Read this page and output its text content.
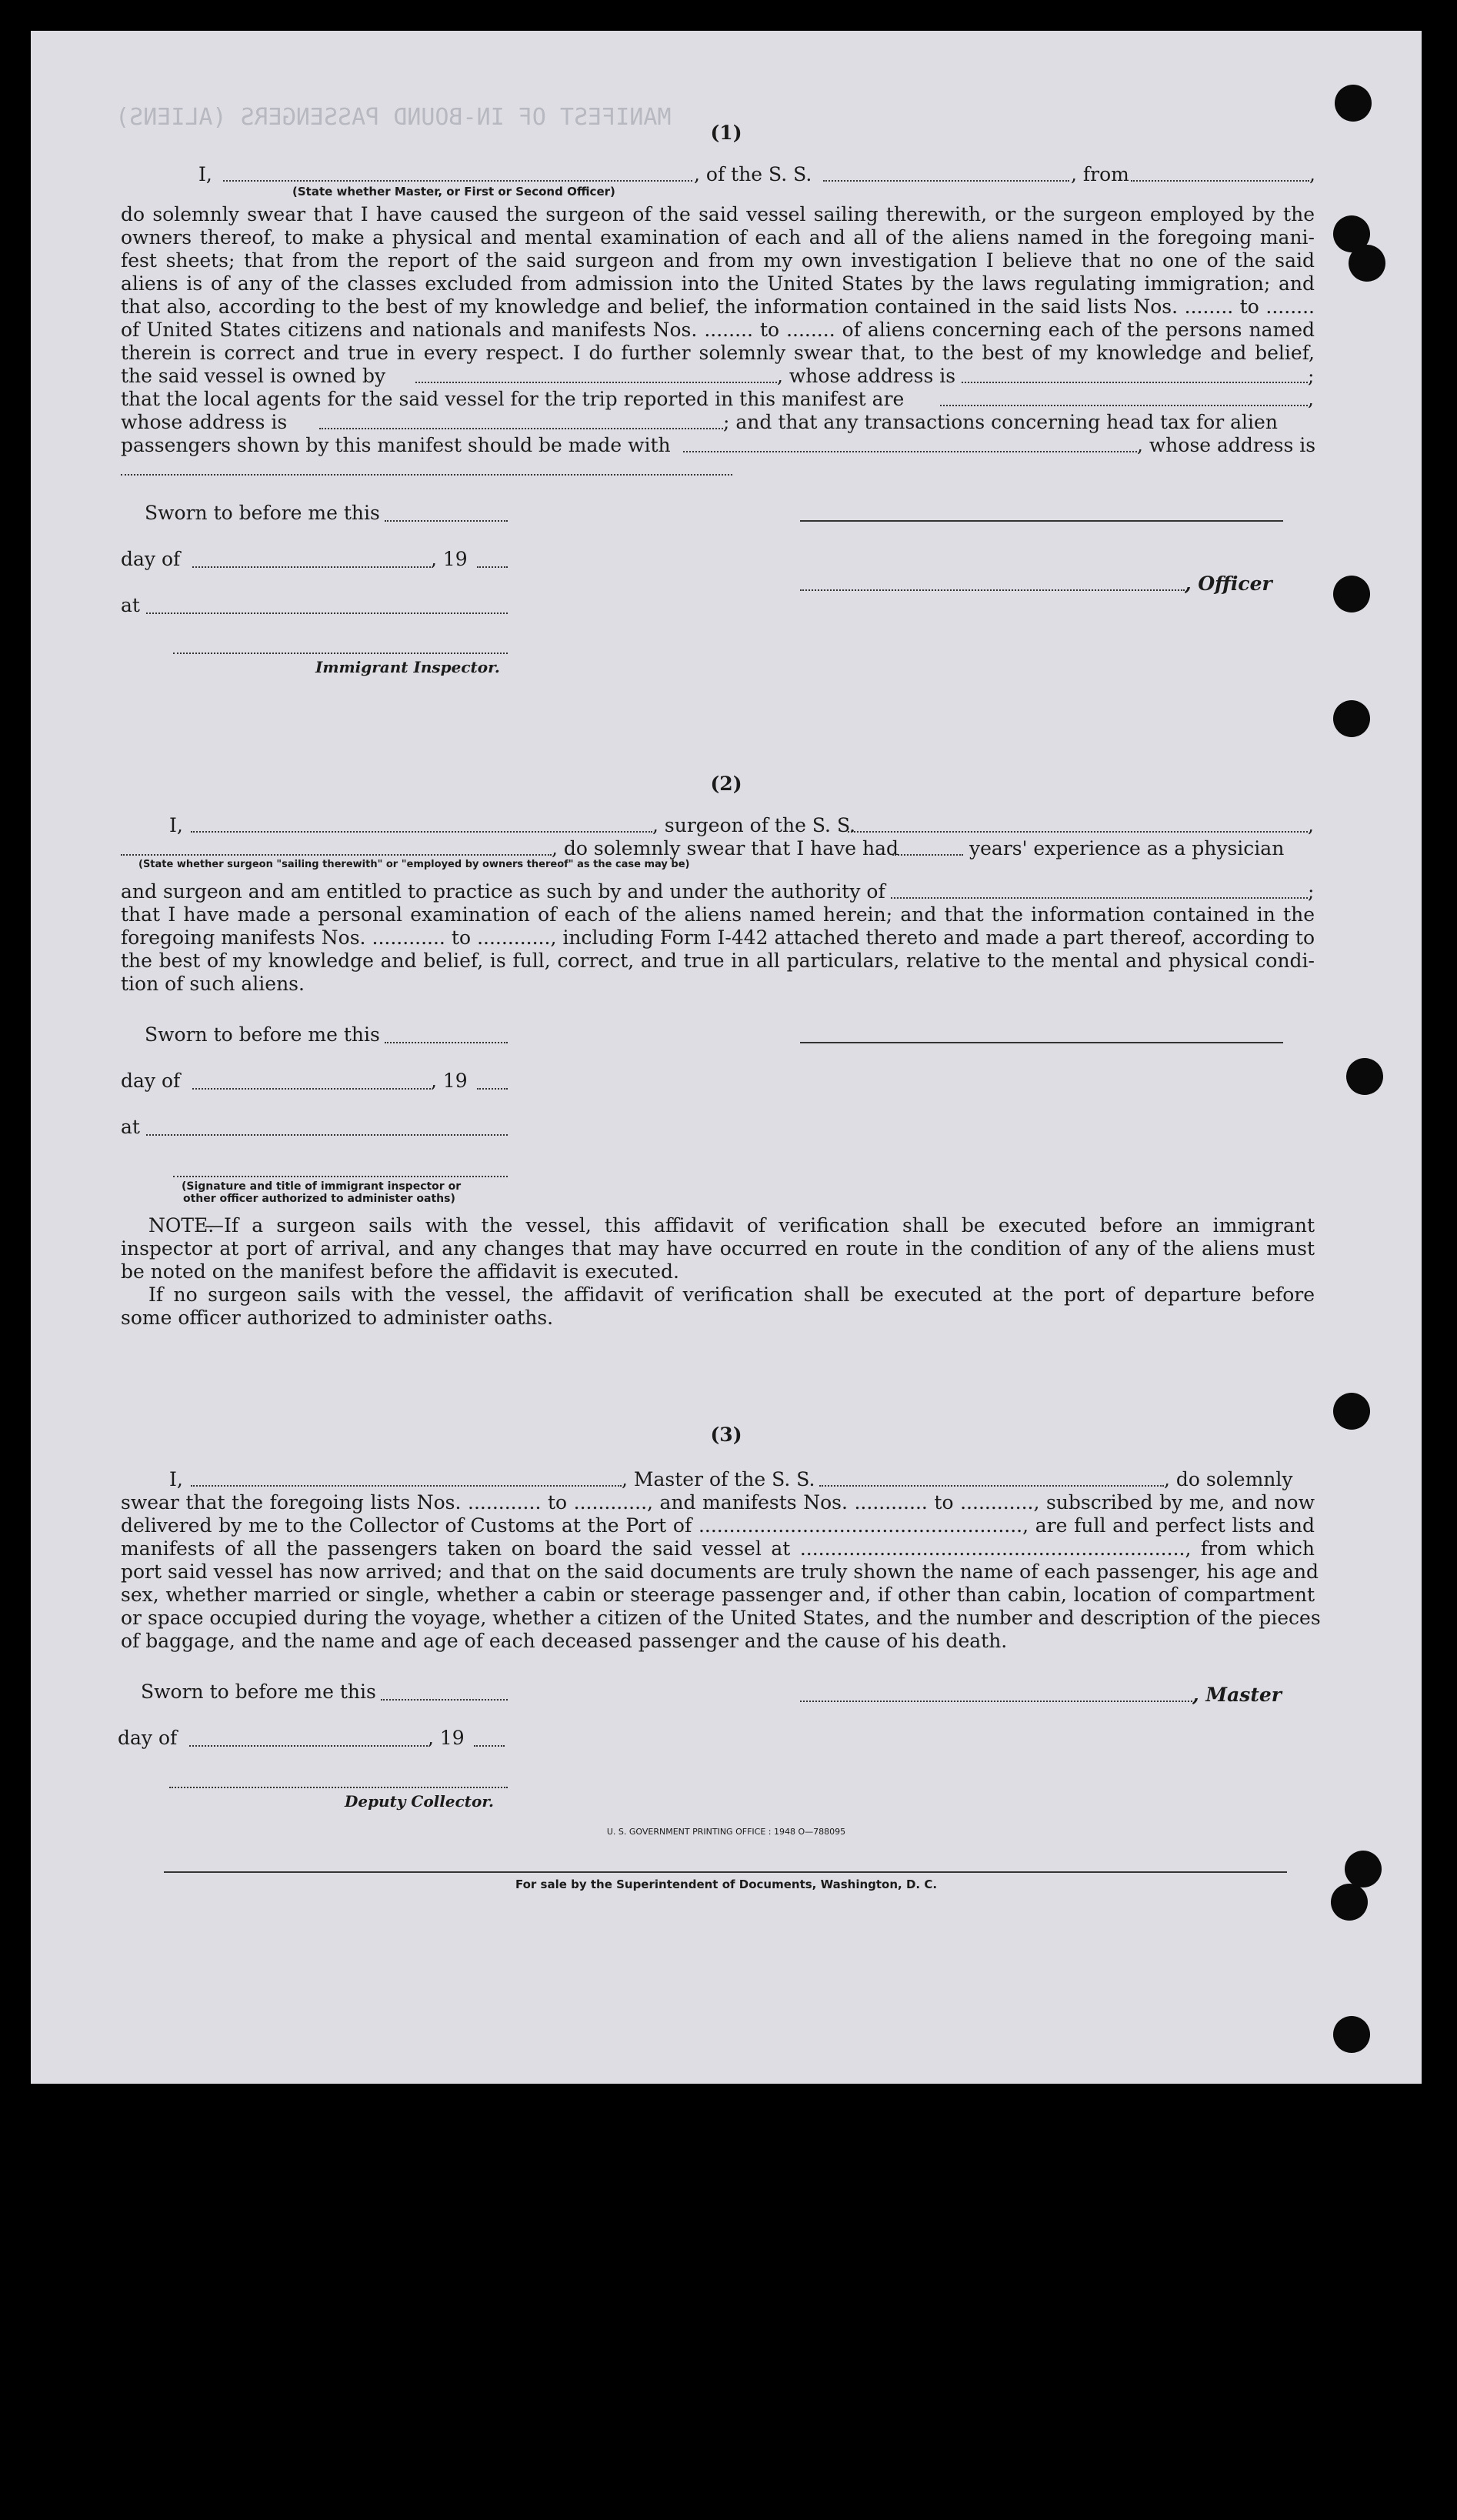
MANIFEST OF IN-BOUND PASSENGERS (ALIENS)
(1)
I,	, of the S. S.	, from	,
(State whether Master, or First or Second Officer)
do solemnly swear that I have caused the surgeon of the said vessel sailing therewith, or the surgeon employed by the
owners thereof, to make a physical and mental examination of each and all of the aliens named in the foregoing mani-
fest sheets; that from the report of the said surgeon and from my own investigation I believe that no one of the said
aliens is of any of the classes excluded from admission into the United States by the laws regulating immigration; and
that also, according to the best of my knowledge and belief, the information contained in the said lists Nos. ........ to ........
of United States citizens and nationals and manifests Nos. ........ to ........ of aliens concerning each of the persons named
therein is correct and true in every respect. I do further solemnly swear that, to the best of my knowledge and belief,
the said vessel is owned by	, whose address is	;
that the local agents for the said vessel for the trip reported in this manifest are	,
whose address is	; and that any transactions concerning head tax for alien
passengers shown by this manifest should be made with	, whose address is
Sworn to before me this
day of	, 19
, Officer
at
Immigrant Inspector.
(2)
I,	, surgeon of the S. S.	,
, do solemnly swear that I have had	years' experience as a physician
(State whether surgeon "sailing therewith" or "employed by owners thereof" as the case may be)
and surgeon and am entitled to practice as such by and under the authority of	;
that I have made a personal examination of each of the aliens named herein; and that the information contained in the
foregoing manifests Nos. ............ to ............, including Form I-442 attached thereto and made a part thereof, according to
the best of my knowledge and belief, is full, correct, and true in all particulars, relative to the mental and physical condi-
tion of such aliens.
Sworn to before me this
day of	, 19
at
(Signature and title of immigrant inspector or
other officer authorized to administer oaths)
NOTE.
—If a surgeon sails with the vessel, this affidavit of verification shall be executed before an immigrant
inspector at port of arrival, and any changes that may have occurred en route in the condition of any of the aliens must
be noted on the manifest before the affidavit is executed.
If no surgeon sails with the vessel, the affidavit of verification shall be executed at the port of departure before
some officer authorized to administer oaths.
(3)
I,	, Master of the S. S.	, do solemnly
swear that the foregoing lists Nos. ............ to ............, and manifests Nos. ............ to ............, subscribed by me, and now
delivered by me to the Collector of Customs at the Port of ....................................................., are full and perfect lists and
manifests of all the passengers taken on board the said vessel at ..............................................................., from which
port said vessel has now arrived; and that on the said documents are truly shown the name of each passenger, his age and
sex, whether married or single, whether a cabin or steerage passenger and, if other than cabin, location of compartment
or space occupied during the voyage, whether a citizen of the United States, and the number and description of the pieces
of baggage, and the name and age of each deceased passenger and the cause of his death.
Sworn to before me this	, Master
day of	, 19
Deputy Collector.
U. S. GOVERNMENT PRINTING OFFICE : 1948 O—788095
For sale by the Superintendent of Documents, Washington, D. C.
